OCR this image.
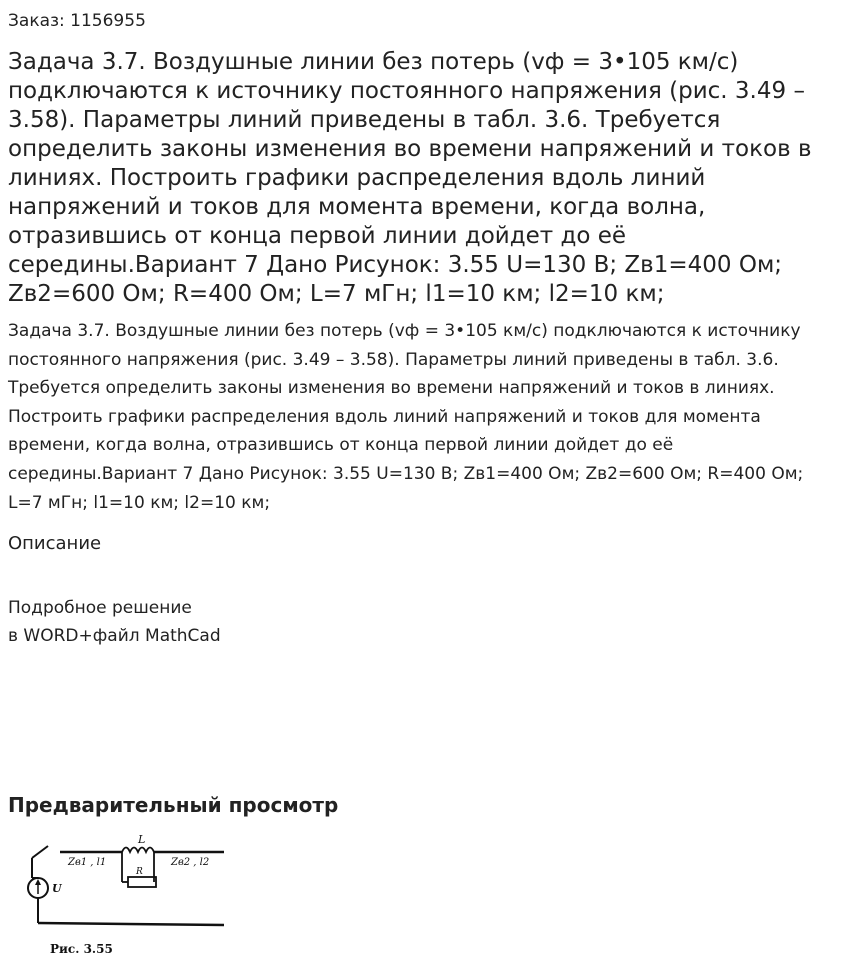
Заказ: 1156955
Задача 3.7. Воздушные линии без потерь (vф = 3•105 км/с) подключаются к источнику постоянного напряжения (рис. 3.49 – 3.58). Параметры линий приведены в табл. 3.6. Требуется определить законы изменения во времени напряжений и токов в линиях. Построить графики распределения вдоль линий напряжений и токов для момента времени, когда волна, отразившись от конца первой линии дойдет до её середины.Вариант 7 Дано Рисунок: 3.55 U=130 В; Zв1=400 Ом; Zв2=600 Ом; R=400 Ом; L=7 мГн; l1=10 км; l2=10 км;

Задача 3.7. Воздушные линии без потерь (vф = 3•105 км/с) подключаются к источнику постоянного напряжения (рис. 3.49 – 3.58). Параметры линий приведены в табл. 3.6. Требуется определить законы изменения во времени напряжений и токов в линиях. Построить графики распределения вдоль линий напряжений и токов для момента времени, когда волна, отразившись от конца первой линии дойдет до её середины.Вариант 7 Дано Рисунок: 3.55 U=130 В; Zв1=400 Ом; Zв2=600 Ом; R=400 Ом; L=7 мГн; l1=10 км; l2=10 км;

Описание
Подробное решение
в WORD+файл MathCad
Предварительный просмотр
L
R
U
Zв1 , l1	Zв2 , l2
Рис. 3.55
